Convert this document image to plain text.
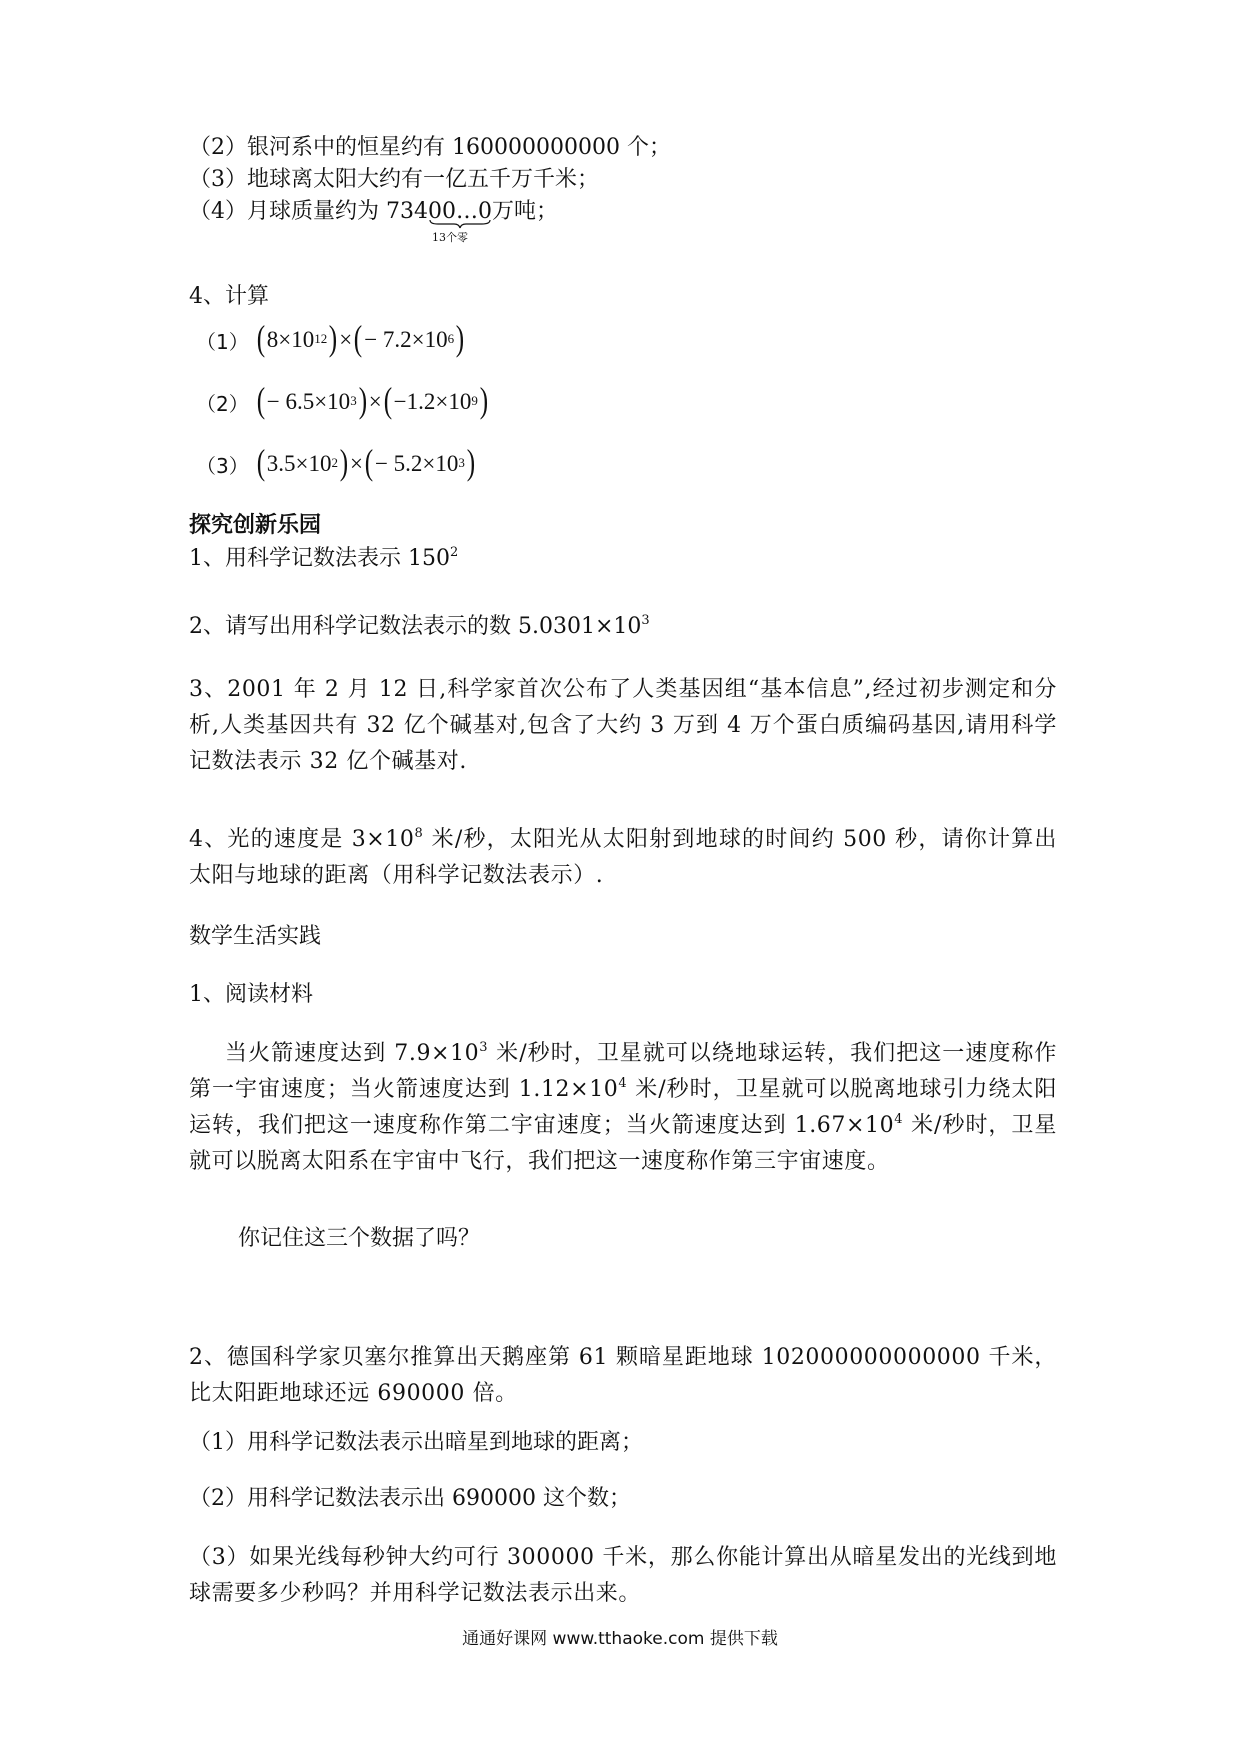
（2）银河系中的恒星约有 160000000000 个；
（3）地球离太阳大约有一亿五千万千米；
（4）月球质量约为 73400…0
13个零
万吨；
4、计算
（1） ( $8\times 10^{12}$ ) × ( − $7.2\times 10^6$ )
（2） ( − $6.5\times 10^3$ ) × ( $-1.2\times 10^9$ )
（3） ( $3.5\times 10^2$ ) × ( − $5.2\times 10^3$ )
探究创新乐园
1、用科学记数法表示 $150^2$
2、请写出用科学记数法表示的数 $5.0301\times 10^3$
3、2001 年 2 月 12 日,科学家首次公布了人类基因组“基本信息”,经过初步测定和分析,人类基因共有 32 亿个碱基对,包含了大约 3 万到 4 万个蛋白质编码基因,请用科学记数法表示 32 亿个碱基对.
4、光的速度是 $3\times 10^8$ 米/秒，太阳光从太阳射到地球的时间约 500 秒，请你计算出太阳与地球的距离（用科学记数法表示）.
数学生活实践
1、阅读材料
当火箭速度达到 $7.9\times 10^3$ 米/秒时，卫星就可以绕地球运转，我们把这一速度称作第一宇宙速度；当火箭速度达到 $1.12\times 10^4$ 米/秒时，卫星就可以脱离地球引力绕太阳运转，我们把这一速度称作第二宇宙速度；当火箭速度达到 $1.67\times 10^4$ 米/秒时，卫星就可以脱离太阳系在宇宙中飞行，我们把这一速度称作第三宇宙速度。
你记住这三个数据了吗？
2、德国科学家贝塞尔推算出天鹅座第 61 颗暗星距地球 102000000000000 千米，比太阳距地球还远 690000 倍。
（1）用科学记数法表示出暗星到地球的距离；
（2）用科学记数法表示出 690000 这个数；
（3）如果光线每秒钟大约可行 300000 千米，那么你能计算出从暗星发出的光线到地球需要多少秒吗？并用科学记数法表示出来。
通通好课网 www.tthaoke.com 提供下载
